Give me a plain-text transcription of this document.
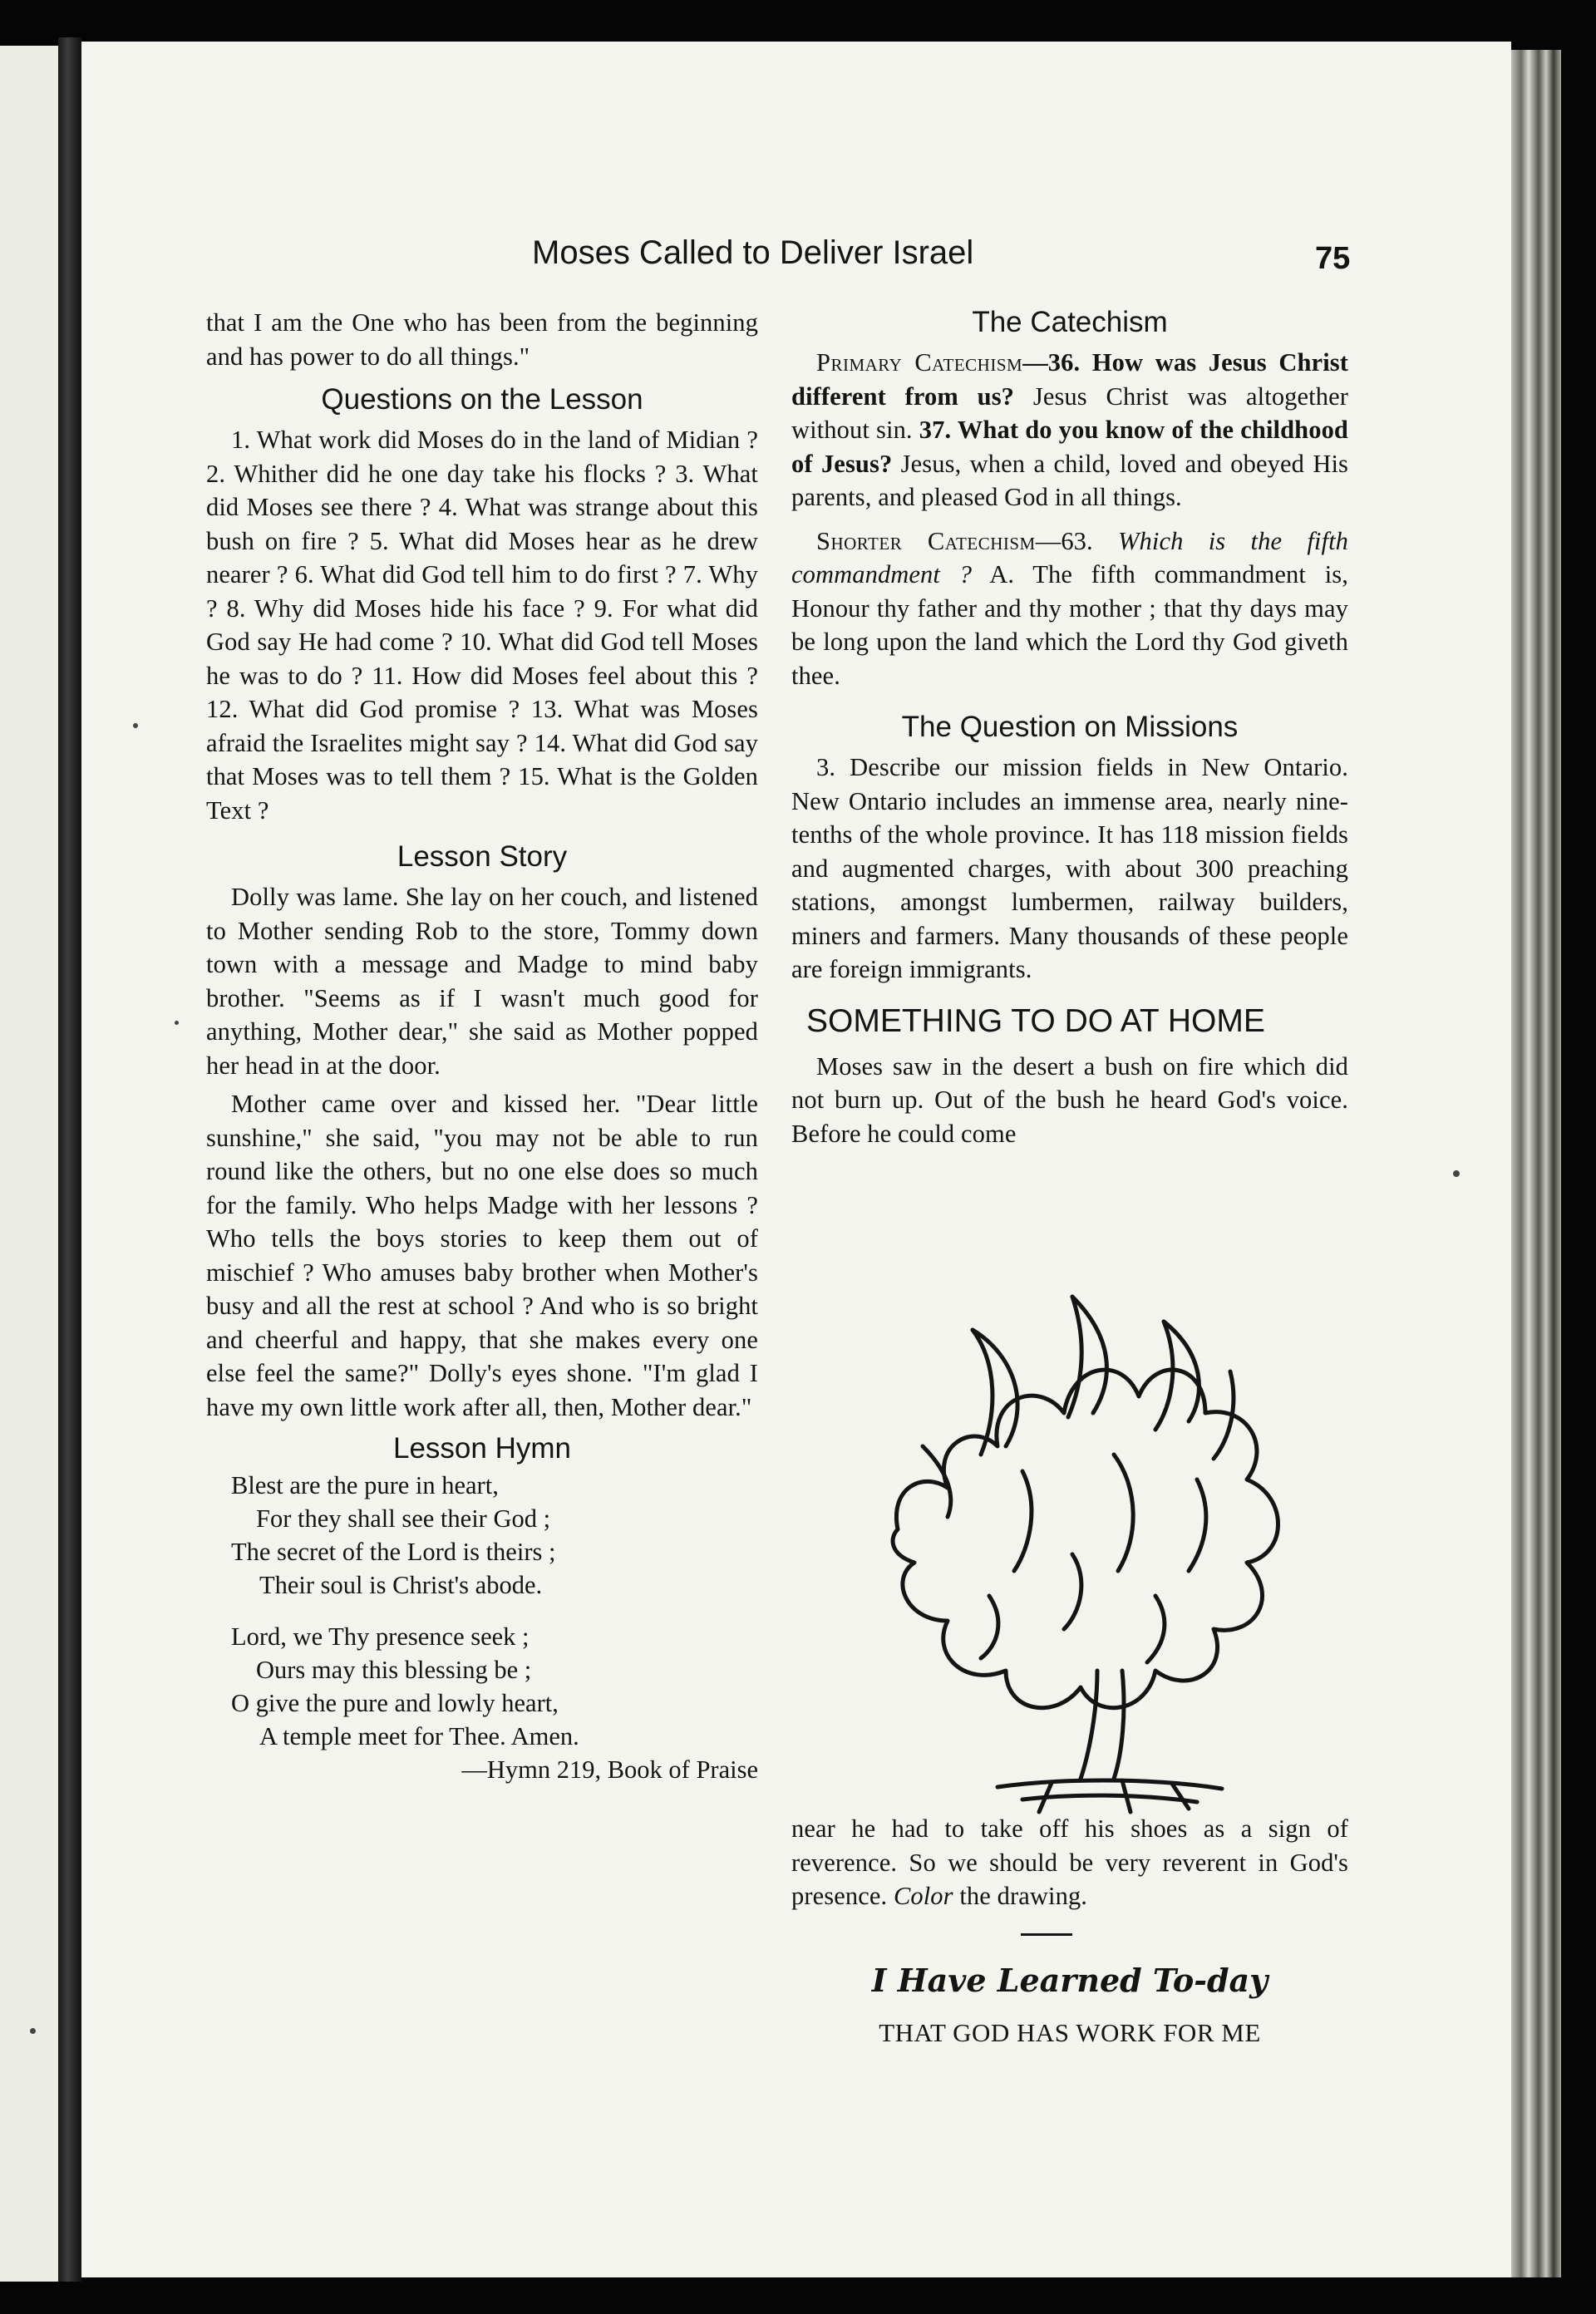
Moses Called to Deliver Israel	75

that I am the One who has been from the beginning and has power to do all things."

Questions on the Lesson

1. What work did Moses do in the land of Midian ? 2. Whither did he one day take his flocks ? 3. What did Moses see there ? 4. What was strange about this bush on fire ? 5. What did Moses hear as he drew nearer ? 6. What did God tell him to do first ? 7. Why ? 8. Why did Moses hide his face ? 9. For what did God say He had come ? 10. What did God tell Moses he was to do ? 11. How did Moses feel about this ? 12. What did God promise ? 13. What was Moses afraid the Israelites might say ? 14. What did God say that Moses was to tell them ? 15. What is the Golden Text ?

Lesson Story

Dolly was lame. She lay on her couch, and listened to Mother sending Rob to the store, Tommy down town with a message and Madge to mind baby brother. "Seems as if I wasn't much good for anything, Mother dear," she said as Mother popped her head in at the door.

Mother came over and kissed her. "Dear little sunshine," she said, "you may not be able to run round like the others, but no one else does so much for the family. Who helps Madge with her lessons ? Who tells the boys stories to keep them out of mischief ? Who amuses baby brother when Mother's busy and all the rest at school ? And who is so bright and cheerful and happy, that she makes every one else feel the same?" Dolly's eyes shone. "I'm glad I have my own little work after all, then, Mother dear."

Lesson Hymn

Blest are the pure in heart,
For they shall see their God ;
The secret of the Lord is theirs ;
Their soul is Christ's abode.
Lord, we Thy presence seek ;
Ours may this blessing be ;
O give the pure and lowly heart,
A temple meet for Thee. Amen.

—Hymn 219, Book of Praise

The Catechism

Primary Catechism—36. How was Jesus Christ different from us? Jesus Christ was altogether without sin. 37. What do you know of the childhood of Jesus? Jesus, when a child, loved and obeyed His parents, and pleased God in all things.

Shorter Catechism—63. Which is the fifth commandment ? A. The fifth commandment is, Honour thy father and thy mother ; that thy days may be long upon the land which the Lord thy God giveth thee.

The Question on Missions

3. Describe our mission fields in New Ontario. New Ontario includes an immense area, nearly nine-tenths of the whole province. It has 118 mission fields and augmented charges, with about 300 preaching stations, amongst lumbermen, railway builders, miners and farmers. Many thousands of these people are foreign immigrants.

SOMETHING TO DO AT HOME

Moses saw in the desert a bush on fire which did not burn up. Out of the bush he heard God's voice. Before he could come

near he had to take off his shoes as a sign of reverence. So we should be very reverent in God's presence. Color the drawing.

I Have Learned To-day
THAT GOD HAS WORK FOR ME
